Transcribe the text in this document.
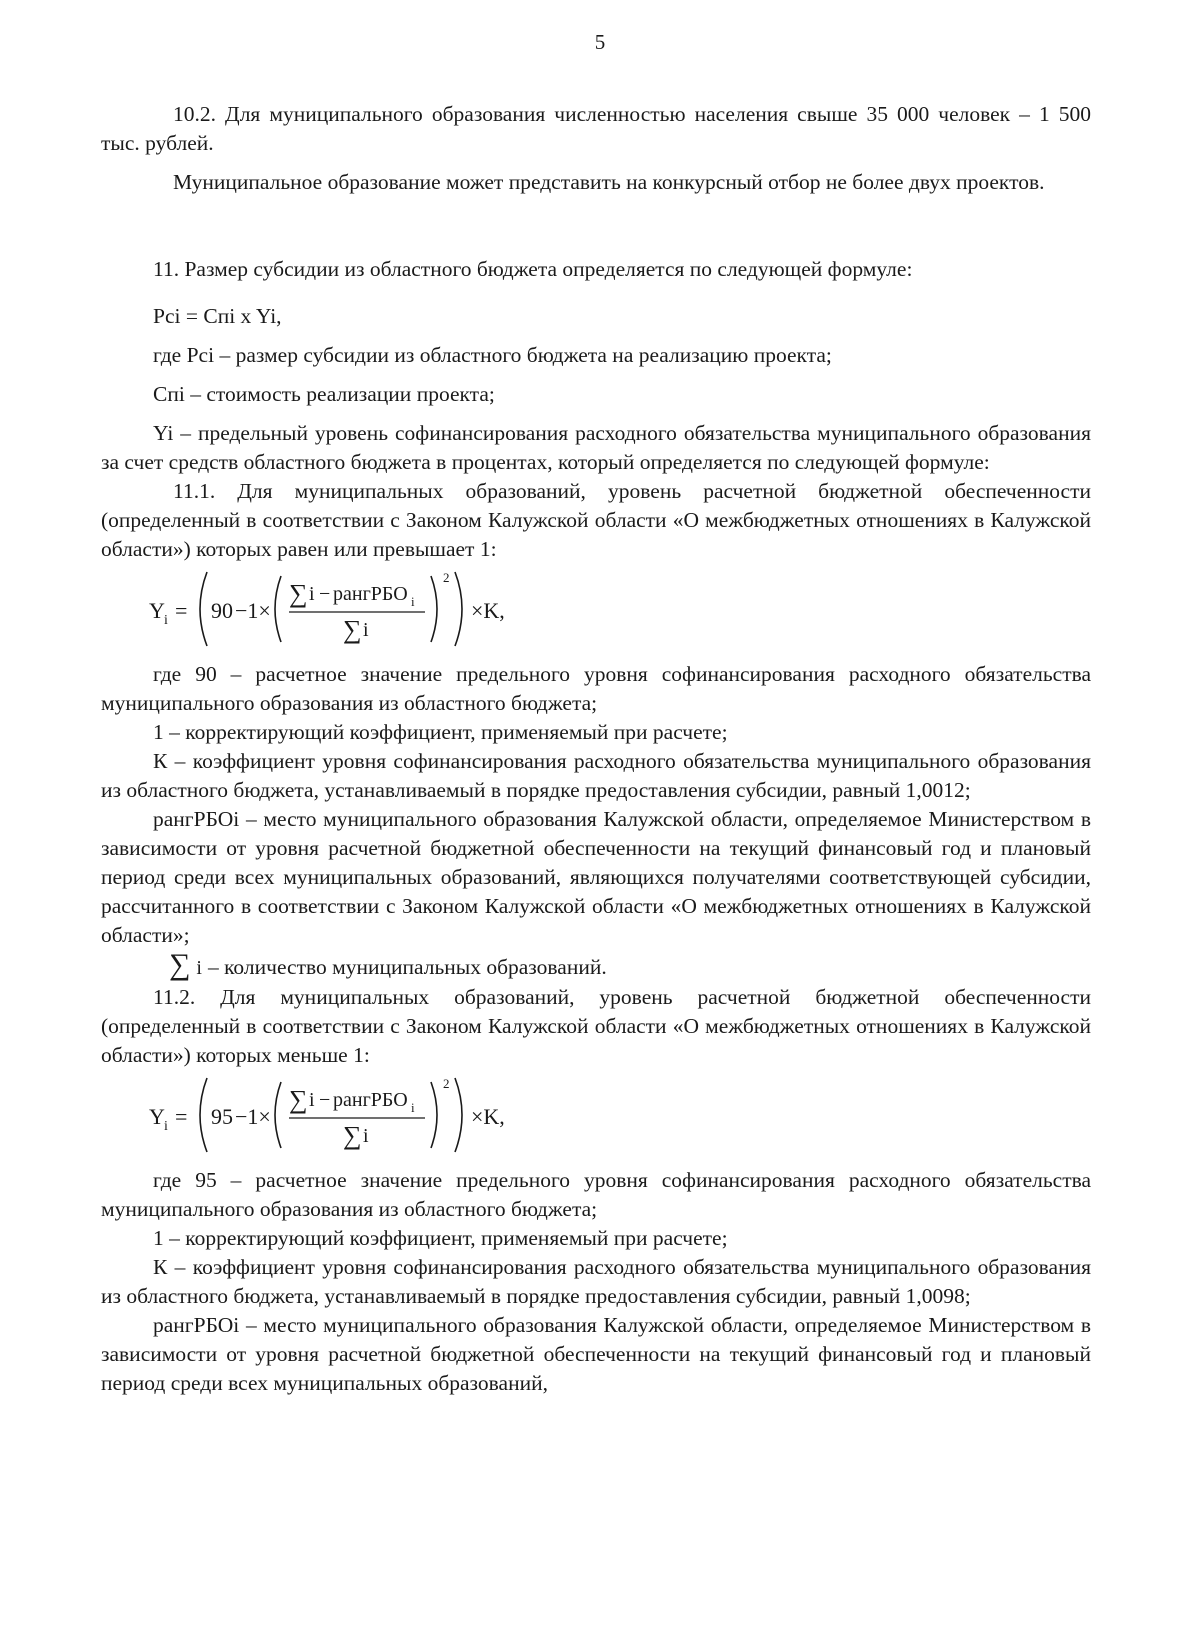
5

10.2. Для муниципального образования численностью населения свыше 35 000 человек – 1 500 тыс. рублей.

Муниципальное образование может представить на конкурсный отбор не более двух проектов.

11. Размер субсидии из областного бюджета определяется по следующей формуле:

Рсi = Спi x Yi,

где Рсi – размер субсидии из областного бюджета на реализацию проекта;

Спi – стоимость реализации проекта;

Yi – предельный уровень софинансирования расходного обязательства муниципального образования за счет средств областного бюджета в процентах, который определяется по следующей формуле:

11.1. Для муниципальных образований, уровень расчетной бюджетной обеспеченности (определенный в соответствии с Законом Калужской области «О межбюджетных отношениях в Калужской области») которых равен или превышает 1:

Y i = 90 −1×
∑ i − рангРБО i
∑ i
2
×K,

где 90 – расчетное значение предельного уровня софинансирования расходного обязательства муниципального образования из областного бюджета;

1 – корректирующий коэффициент, применяемый при расчете;

К – коэффициент уровня софинансирования расходного обязательства муниципального образования из областного бюджета, устанавливаемый в порядке предоставления субсидии, равный 1,0012;

рангРБОi – место муниципального образования Калужской области, определяемое Министерством в зависимости от уровня расчетной бюджетной обеспеченности на текущий финансовый год и плановый период среди всех муниципальных образований, являющихся получателями соответствующей субсидии, рассчитанного в соответствии с Законом Калужской области «О межбюджетных отношениях в Калужской области»;

∑ i – количество муниципальных образований.

11.2. Для муниципальных образований, уровень расчетной бюджетной обеспеченности (определенный в соответствии с Законом Калужской области «О межбюджетных отношениях в Калужской области») которых меньше 1:

Y i = 95 −1×
∑ i − рангРБО i
∑ i
2
×K,

где 95 – расчетное значение предельного уровня софинансирования расходного обязательства муниципального образования из областного бюджета;

1 – корректирующий коэффициент, применяемый при расчете;

К – коэффициент уровня софинансирования расходного обязательства муниципального образования из областного бюджета, устанавливаемый в порядке предоставления субсидии, равный 1,0098;

рангРБОi – место муниципального образования Калужской области, определяемое Министерством в зависимости от уровня расчетной бюджетной обеспеченности на текущий финансовый год и плановый период среди всех муниципальных образований,
